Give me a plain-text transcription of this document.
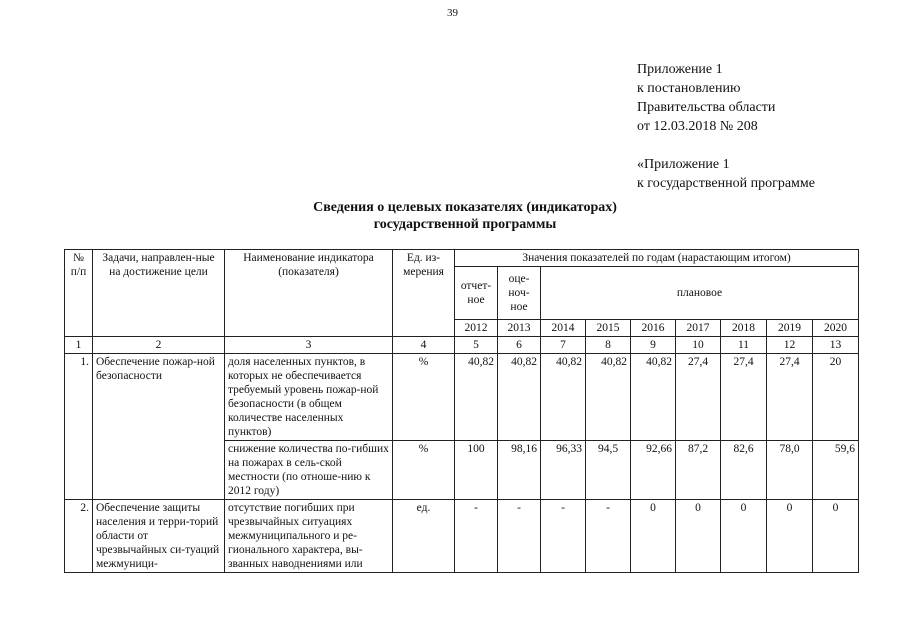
39
Приложение 1
к постановлению
Правительства области
от 12.03.2018 № 208
«Приложение 1
к государственной программе
Сведения о целевых показателях (индикаторах)
государственной программы
№ п/п	Задачи, направлен-ные на достижение цели	Наименование индикатора (показателя)	Ед. из-мерения	Значения показателей по годам (нарастающим итогом)								
				отчет-ное	оце-ноч-ное	плановое						
				2012	2013	2014	2015	2016	2017	2018	2019	2020
1	2	3	4	5	6	7	8	9	10	11	12	13
1.	Обеспечение пожар-ной безопасности	доля населенных пунктов, в которых не обеспечивается требуемый уровень пожар-ной безопасности (в общем количестве населенных пунктов)	%	40,82	40,82	40,82	40,82	40,82	27,4	27,4	27,4	20
		снижение количества по-гибших на пожарах в сель-ской местности (по отноше-нию к 2012 году)	%	100	98,16	96,33	94,5	92,66	87,2	82,6	78,0	59,6
2.	Обеспечение защиты населения и терри-торий области от чрезвычайных си-туаций межмуници-	отсутствие погибших при чрезвычайных ситуациях межмуниципального и ре-гионального характера, вы-званных наводнениями или	ед.	-	-	-	-	0	0	0	0	0
